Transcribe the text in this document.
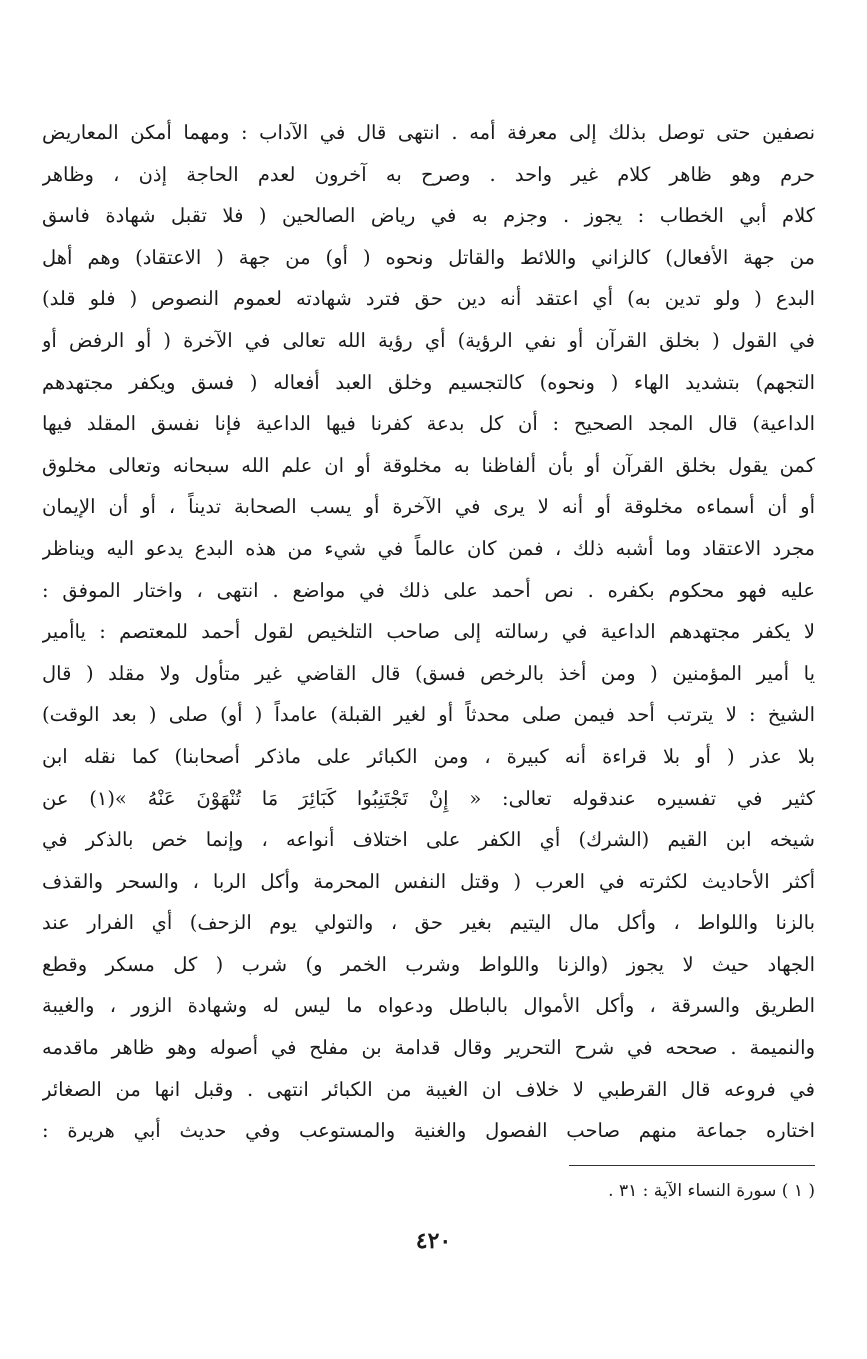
نصفين حتى توصل بذلك إلى معرفة أمه . انتهى قال في الآداب : ومهما أمكن المعاريض
حرم وهو ظاهر كلام غير واحد . وصرح به آخرون لعدم الحاجة إذن ، وظاهر
كلام أبي الخطاب : يجوز . وجزم به في رياض الصالحين ( فلا تقبل شهادة فاسق
من جهة الأفعال) كالزاني واللائط والقاتل ونحوه ( أو) من جهة ( الاعتقاد) وهم أهل
البدع ( ولو تدين به) أي اعتقد أنه دين حق فترد شهادته لعموم النصوص ( فلو قلد)
في القول ( بخلق القرآن أو نفي الرؤية) أي رؤية الله تعالى في الآخرة ( أو الرفض أو
التجهم) بتشديد الهاء ( ونحوه) كالتجسيم وخلق العبد أفعاله ( فسق ويكفر مجتهدهم
الداعية) قال المجد الصحيح : أن كل بدعة كفرنا فيها الداعية فإنا نفسق المقلد فيها
كمن يقول بخلق القرآن أو بأن ألفاظنا به مخلوقة أو ان علم الله سبحانه وتعالى مخلوق
أو أن أسماءه مخلوقة أو أنه لا يرى في الآخرة أو يسب الصحابة تديناً ، أو أن الإيمان
مجرد الاعتقاد وما أشبه ذلك ، فمن كان عالماً في شيء من هذه البدع يدعو اليه ويناظر
عليه فهو محكوم بكفره . نص أحمد على ذلك في مواضع . انتهى ، واختار الموفق :
لا يكفر مجتهدهم الداعية في رسالته إلى صاحب التلخيص لقول أحمد للمعتصم : ياأمير
يا أمير المؤمنين ( ومن أخذ بالرخص فسق) قال القاضي غير متأول ولا مقلد ( قال
الشيخ : لا يترتب أحد فيمن صلى محدثاً أو لغير القبلة) عامداً ( أو) صلى ( بعد الوقت)
بلا عذر ( أو بلا قراءة أنه كبيرة ، ومن الكبائر على ماذكر أصحابنا) كما نقله ابن
كثير في تفسيره عندقوله تعالى: « إِنْ تَجْتَنِبُوا كَبَائِرَ مَا تُنْهَوْنَ عَنْهُ »(١) عن
شيخه ابن القيم (الشرك) أي الكفر على اختلاف أنواعه ، وإنما خص بالذكر في
أكثر الأحاديث لكثرته في العرب ( وقتل النفس المحرمة وأكل الربا ، والسحر والقذف
بالزنا واللواط ، وأكل مال اليتيم بغير حق ، والتولي يوم الزحف) أي الفرار عند
الجهاد حيث لا يجوز (والزنا واللواط وشرب الخمر و) شرب ( كل مسكر وقطع
الطريق والسرقة ، وأكل الأموال بالباطل ودعواه ما ليس له وشهادة الزور ، والغيبة
والنميمة . صححه في شرح التحرير وقال قدامة بن مفلح في أصوله وهو ظاهر ماقدمه
في فروعه قال القرطبي لا خلاف ان الغيبة من الكبائر انتهى . وقبل انها من الصغائر
اختاره جماعة منهم صاحب الفصول والغنية والمستوعب وفي حديث أبي هريرة :
( ١ ) سورة النساء الآية : ٣١ .
٤٢٠
